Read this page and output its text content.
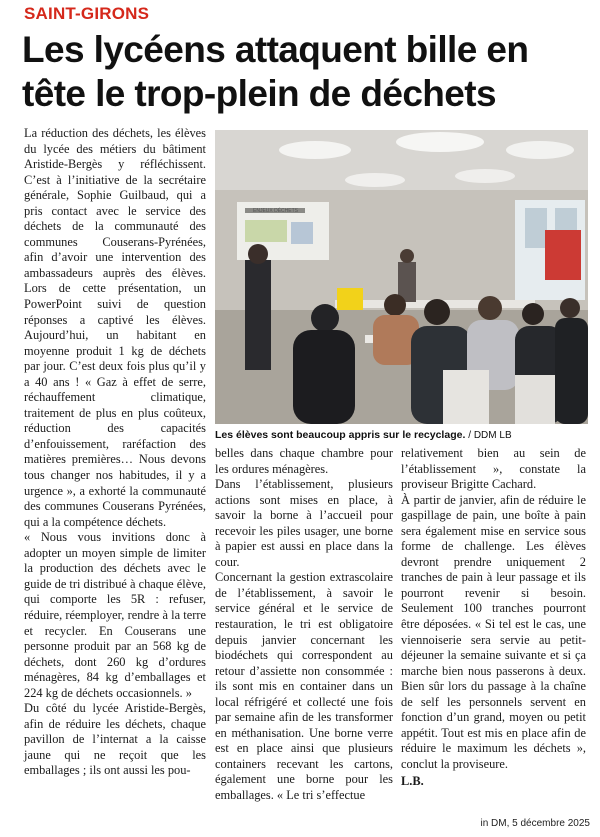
SAINT-GIRONS
Les lycéens attaquent bille en tête le trop-plein de déchets

La réduction des déchets, les élèves du lycée des métiers du bâtiment Aristide-Bergès y réfléchissent. C’est à l’initiative de la secrétaire générale, Sophie Guilbaud, qui a pris contact avec le service des déchets de la communauté des communes Couserans-Pyrénées, afin d’avoir une intervention des ambassadeurs auprès des élèves. Lors de cette présentation, un PowerPoint suivi de question réponses a captivé les élèves. Aujourd’hui, un habitant en moyenne produit 1 kg de déchets par jour. C’est deux fois plus qu’il y a 40 ans ! « Gaz à effet de serre, réchauffement climatique, traitement de plus en plus coûteux, réduction des capacités d’enfouissement, raréfaction des matières premières… Nous devons tous changer nos habitudes, il y a urgence », a exhorté la communauté des communes Couserans Pyrénées, qui a la compétence déchets.

« Nous vous invitions donc à adopter un moyen simple de limiter la production des déchets avec le guide de tri distribué à chaque élève, qui comporte les 5R : refuser, réduire, réemployer, rendre à la terre et recycler. En Couserans une personne produit par an 568 kg de déchets, dont 260 kg d’ordures ménagères, 84 kg d’emballages et 224 kg de déchets occasionnels. »

Du côté du lycée Aristide-Bergès, afin de réduire les déchets, chaque pavillon de l’internat a la caisse jaune qui ne reçoit que les emballages ; ils ont aussi les pou-

ENJEUX DÉCHETS
Les élèves sont beaucoup appris sur le recyclage. / DDM LB

belles dans chaque chambre pour les ordures ménagères.

Dans l’établissement, plusieurs actions sont mises en place, à savoir la borne à l’accueil pour recevoir les piles usager, une borne à papier est aussi en place dans la cour.

Concernant la gestion extrascolaire de l’établissement, à savoir le service général et le service de restauration, le tri est obligatoire depuis janvier concernant les biodéchets qui correspondent au retour d’assiette non consommée : ils sont mis en container dans un local réfrigéré et collecté une fois par semaine afin de les transformer en méthanisation. Une borne verre est en place ainsi que plusieurs containers recevant les cartons, également une borne pour les emballages. « Le tri s’effectue

relativement bien au sein de l’établissement », constate la proviseur Brigitte Cachard.

À partir de janvier, afin de réduire le gaspillage de pain, une boîte à pain sera également mise en service sous forme de challenge. Les élèves devront prendre uniquement 2 tranches de pain à leur passage et ils pourront revenir si besoin. Seulement 100 tranches pourront être déposées. « Si tel est le cas, une viennoiserie sera servie au petit-déjeuner la semaine suivante et si ça marche bien nous passerons à deux. Bien sûr lors du passage à la chaîne de self les personnels servent en fonction d’un grand, moyen ou petit appétit. Tout est mis en place afin de réduire le maximum les déchets », conclut la proviseure.

L.B.
in DM, 5 décembre 2025
